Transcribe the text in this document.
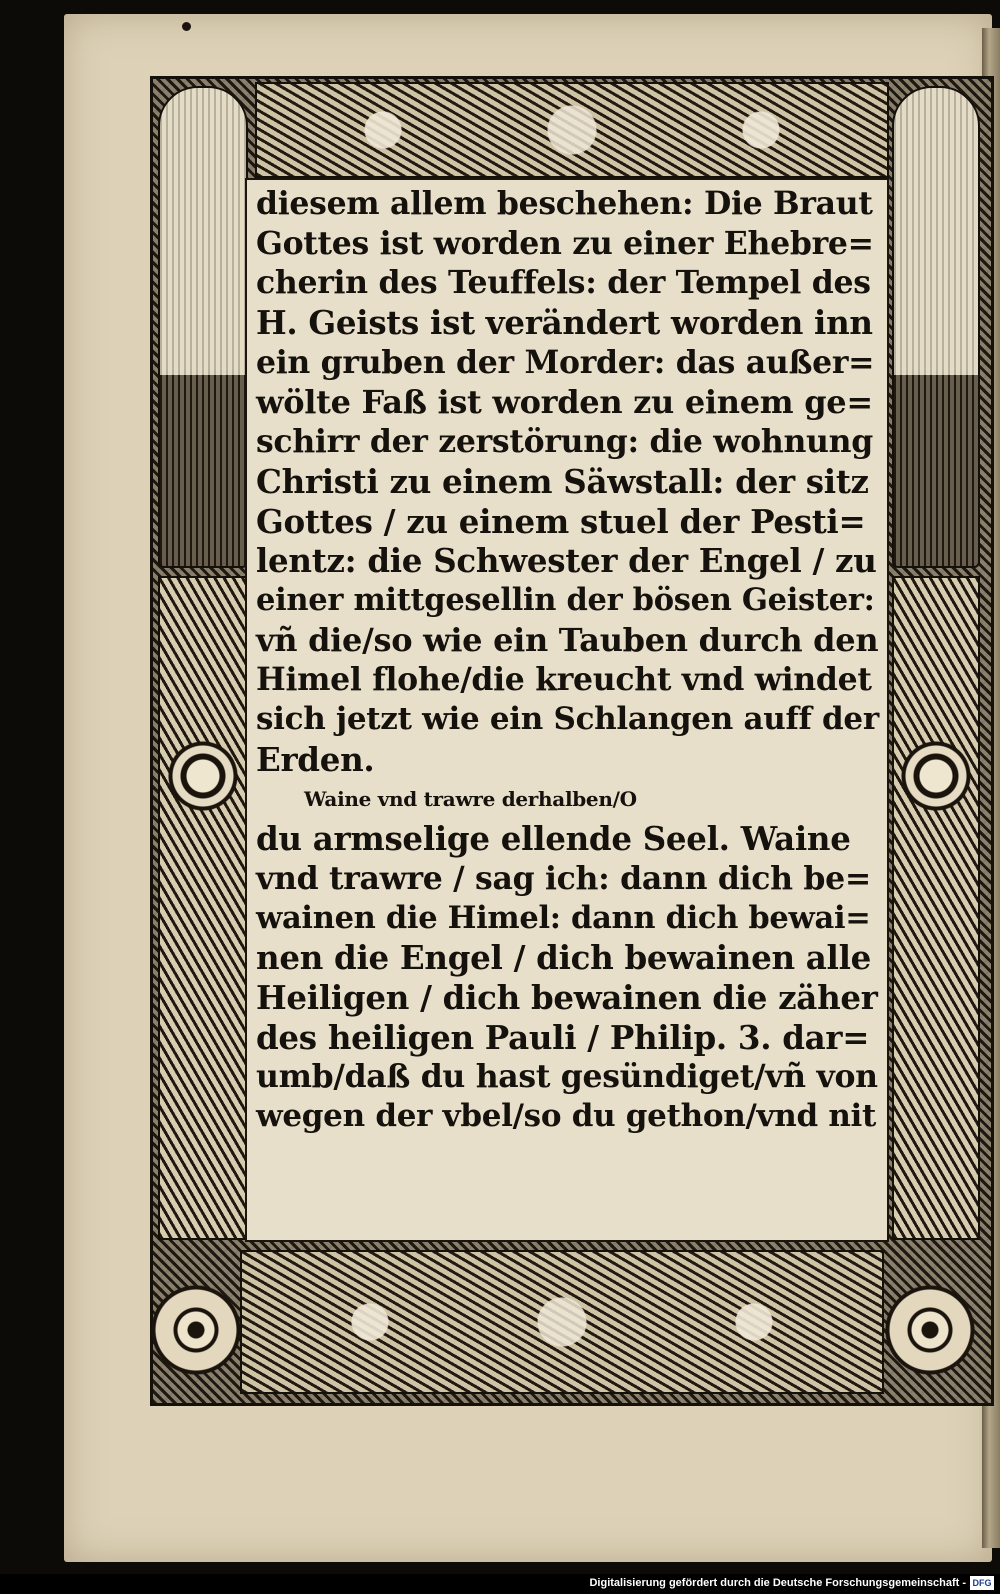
diesem allem beschehen: Die Braut
Gottes ist worden zu einer Ehebre=
cherin des Teuffels: der Tempel des
H. Geists ist verändert worden inn
ein gruben der Morder: das außer=
wölte Faß ist worden zu einem ge=
schirr der zerstörung: die wohnung
Christi zu einem Säwstall: der sitz
Gottes / zu einem stuel der Pesti=
lentz: die Schwester der Engel / zu
einer mittgesellin der bösen Geister:
vñ die/so wie ein Tauben durch den
Himel flohe/die kreucht vnd windet
sich jetzt wie ein Schlangen auff der
Erden.
Waine vnd trawre derhalben/O
du armselige ellende Seel. Waine
vnd trawre / sag ich: dann dich be=
wainen die Himel: dann dich bewai=
nen die Engel / dich bewainen alle
Heiligen / dich bewainen die zäher
des heiligen Pauli / Philip. 3. dar=
umb/daß du hast gesündiget/vñ von
wegen der vbel/so du gethon/vnd nit
Digitalisierung gefördert durch die Deutsche Forschungsgemeinschaft - DFG
